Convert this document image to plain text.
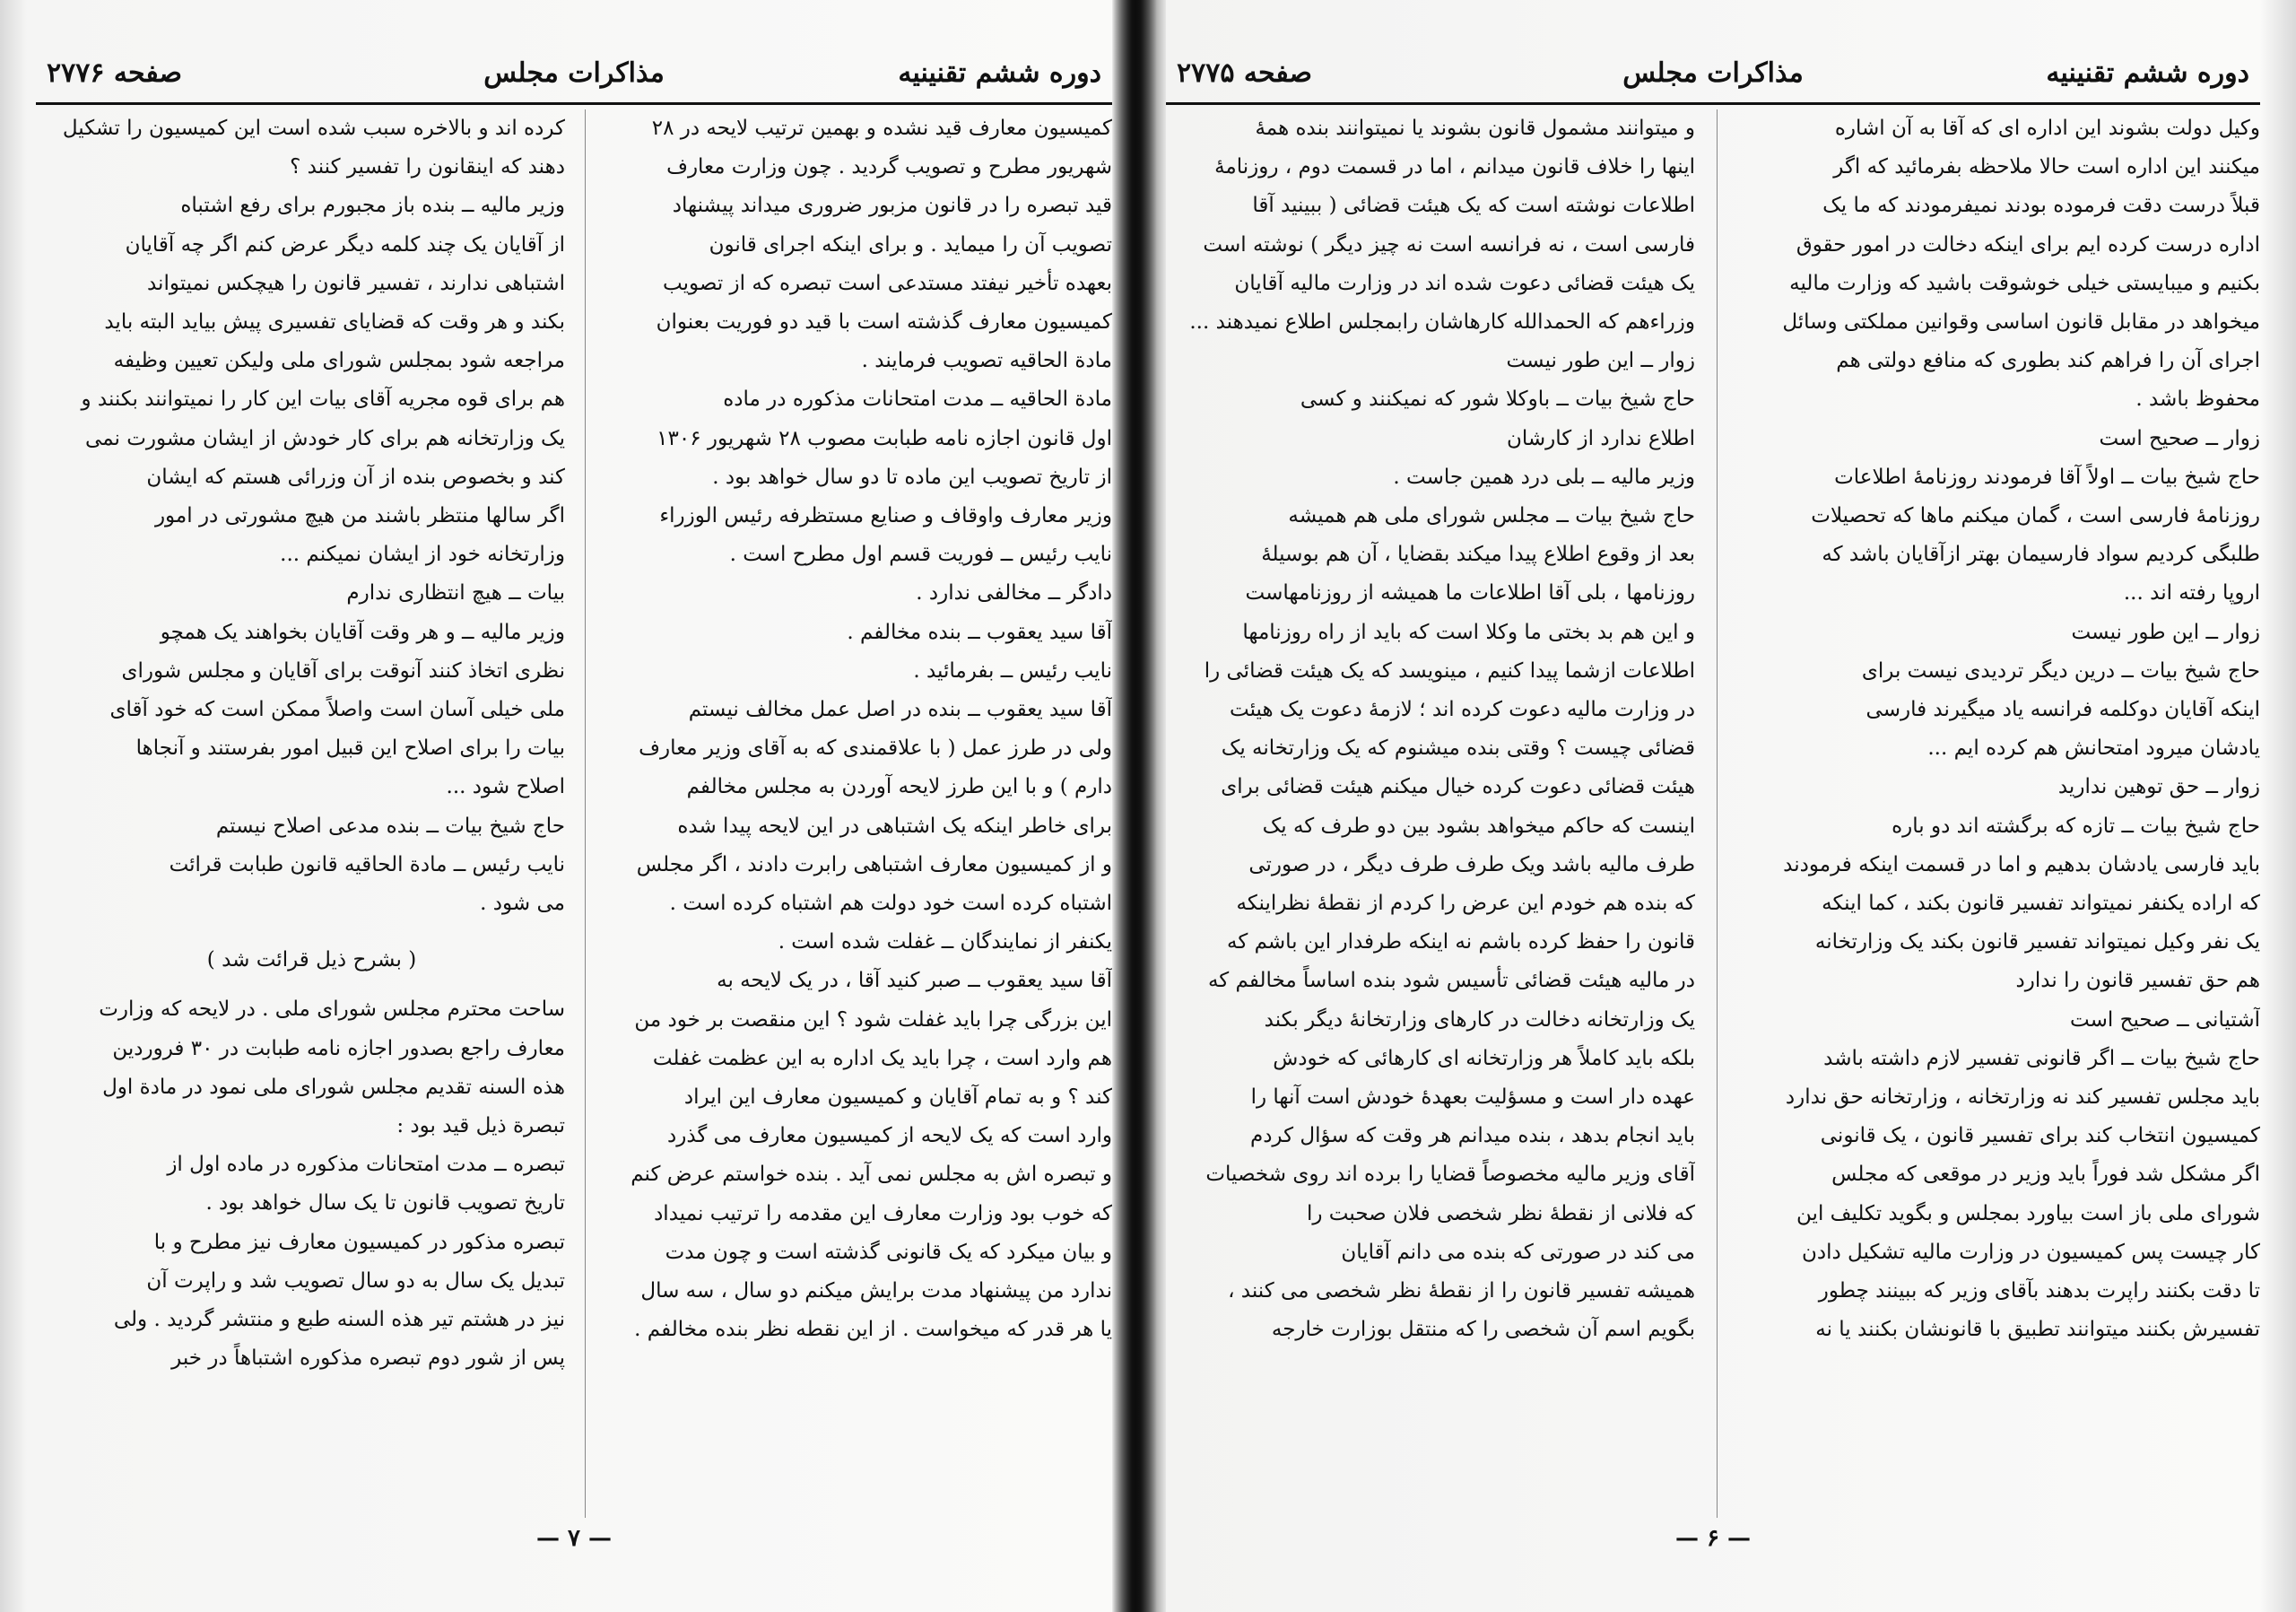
دوره ششم تقنینیه
مذاکرات مجلس
صفحه ۲۷۷۶

کمیسیون معارف قید نشده و بهمین ترتیب لایحه در ۲۸

شهریور مطرح و تصویب گردید . چون وزارت معارف

قید تبصره را در قانون مزبور ضروری میداند پیشنهاد

تصویب آن را میماید . و برای اینکه اجرای قانون

بعهده تأخیر نیفتد مستدعی است تبصره که از تصویب

کمیسیون معارف گذشته است با قید دو فوریت بعنوان

مادة الحاقیه تصویب فرمایند .

مادة الحاقیه ــ مدت امتحانات مذکوره در ماده

اول قانون اجازه نامه طبابت مصوب ۲۸ شهریور ۱۳۰۶

از تاریخ تصویب این ماده تا دو سال خواهد بود .

وزیر معارف واوقاف و صنایع مستظرفه رئیس الوزراء

نایب رئیس ــ فوریت قسم اول مطرح است .

دادگر ــ مخالفی ندارد .

آقا سید یعقوب ــ بنده مخالفم .

نایب رئیس ــ بفرمائید .

آقا سید یعقوب ــ بنده در اصل عمل مخالف نیستم

ولی در طرز عمل ( با علاقمندی که به آقای وزیر معارف

دارم ) و با این طرز لایحه آوردن به مجلس مخالفم

برای خاطر اینکه یک اشتباهی در این لایحه پیدا شده

و از کمیسیون معارف اشتباهی رابرت دادند ، اگر مجلس

اشتباه کرده است خود دولت هم اشتباه کرده است .

یکنفر از نمایندگان ــ غفلت شده است .

آقا سید یعقوب ــ صبر کنید آقا ، در یک لایحه به

این بزرگی چرا باید غفلت شود ؟ این منقصت بر خود من

هم وارد است ، چرا باید یک اداره به این عظمت غفلت

کند ؟ و به تمام آقایان و کمیسیون معارف این ایراد

وارد است که یک لایحه از کمیسیون معارف می گذرد

و تبصره اش به مجلس نمی آید . بنده خواستم عرض کنم

که خوب بود وزارت معارف این مقدمه را ترتیب نمیداد

و بیان میکرد که یک قانونی گذشته است و چون مدت

ندارد من پیشنهاد مدت برایش میکنم دو سال ، سه سال

یا هر قدر که میخواست . از این نقطه نظر بنده مخالفم .

کرده اند و بالاخره سبب شده است این کمیسیون را تشکیل

دهند که اینقانون را تفسیر کنند ؟

وزیر مالیه ــ بنده باز مجبورم برای رفع اشتباه

از آقایان یک چند کلمه دیگر عرض کنم اگر چه آقایان

اشتباهی ندارند ، تفسیر قانون را هیچکس نمیتواند

بکند و هر وقت که قضایای تفسیری پیش بیاید البته باید

مراجعه شود بمجلس شورای ملی ولیکن تعیین وظیفه

هم برای قوه مجریه آقای بیات این کار را نمیتوانند بکنند و

یک وزارتخانه هم برای کار خودش از ایشان مشورت نمی

کند و بخصوص بنده از آن وزرائی هستم که ایشان

اگر سالها منتظر باشند من هیچ مشورتی در امور

وزارتخانه خود از ایشان نمیکنم ...

بیات ــ هیچ انتظاری ندارم

وزیر مالیه ــ و هر وقت آقایان بخواهند یک همچو

نظری اتخاذ کنند آنوقت برای آقایان و مجلس شورای

ملی خیلی آسان است واصلاً ممکن است که خود آقای

بیات را برای اصلاح این قبیل امور بفرستند و آنجاها

اصلاح شود ...

حاج شیخ بیات ــ بنده مدعی اصلاح نیستم

نایب رئیس ــ مادة الحاقیه قانون طبابت قرائت

می شود .

( بشرح ذیل قرائت شد )

ساحت محترم مجلس شورای ملی . در لایحه که وزارت

معارف راجع بصدور اجازه نامه طبابت در ۳۰ فروردین

هذه السنه تقدیم مجلس شورای ملی نمود در مادة اول

تبصرة ذیل قید بود :

تبصره ــ مدت امتحانات مذکوره در ماده اول از

تاریخ تصویب قانون تا یک سال خواهد بود .

تبصره مذکور در کمیسیون معارف نیز مطرح و با

تبدیل یک سال به دو سال تصویب شد و راپرت آن

نیز در هشتم تیر هذه السنه طبع و منتشر گردید . ولی

پس از شور دوم تبصره مذکوره اشتباهاً در خبر

— ۷ —
دوره ششم تقنینیه
مذاکرات مجلس
صفحه ۲۷۷۵

وکیل دولت بشوند این اداره ای که آقا به آن اشاره

میکنند این اداره است حالا ملاحظه بفرمائید که اگر

قبلاً درست دقت فرموده بودند نمیفرمودند که ما یک

اداره درست کرده ایم برای اینکه دخالت در امور حقوق

بکنیم و میبایستی خیلی خوشوقت باشید که وزارت مالیه

میخواهد در مقابل قانون اساسی وقوانین مملکتی وسائل

اجرای آن را فراهم کند بطوری که منافع دولتی هم

محفوظ باشد .

زوار ــ صحیح است

حاج شیخ بیات ــ اولاً آقا فرمودند روزنامهٔ اطلاعات

روزنامهٔ فارسی است ، گمان میکنم ماها که تحصیلات

طلبگی کردیم سواد فارسیمان بهتر ازآقایان باشد که

اروپا رفته اند ...

زوار ــ این طور نیست

حاج شیخ بیات ــ درین دیگر تردیدی نیست برای

اینکه آقایان دوکلمه فرانسه یاد میگیرند فارسی

یادشان میرود امتحانش هم کرده ایم ...

زوار ــ حق توهین ندارید

حاج شیخ بیات ــ تازه که برگشته اند دو باره

باید فارسی یادشان بدهیم و اما در قسمت اینکه فرمودند

که اراده یکنفر نمیتواند تفسیر قانون بکند ، کما اینکه

یک نفر وکیل نمیتواند تفسیر قانون بکند یک وزارتخانه

هم حق تفسیر قانون را ندارد

آشتیانی ــ صحیح است

حاج شیخ بیات ــ اگر قانونی تفسیر لازم داشته باشد

باید مجلس تفسیر کند نه وزارتخانه ، وزارتخانه حق ندارد

کمیسیون انتخاب کند برای تفسیر قانون ، یک قانونی

اگر مشکل شد فوراً باید وزیر در موقعی که مجلس

شورای ملی باز است بیاورد بمجلس و بگوید تکلیف این

کار چیست پس کمیسیون در وزارت مالیه تشکیل دادن

تا دقت بکنند راپرت بدهند بآقای وزیر که ببینند چطور

تفسیرش بکنند میتوانند تطبیق با قانونشان بکنند یا نه

و میتوانند مشمول قانون بشوند یا نمیتوانند بنده همهٔ

اینها را خلاف قانون میدانم ، اما در قسمت دوم ، روزنامهٔ

اطلاعات نوشته است که یک هیئت قضائی ( ببینید آقا

فارسی است ، نه فرانسه است نه چیز دیگر ) نوشته است

یک هیئت قضائی دعوت شده اند در وزارت مالیه آقایان

وزراءهم که الحمدالله کارهاشان رابمجلس اطلاع نمیدهند ...

زوار ــ این طور نیست

حاج شیخ بیات ــ باوکلا شور که نمیکنند و کسی

اطلاع ندارد از کارشان

وزیر مالیه ــ بلی درد همین جاست .

حاج شیخ بیات ــ مجلس شورای ملی هم همیشه

بعد از وقوع اطلاع پیدا میکند بقضایا ، آن هم بوسیلهٔ

روزنامها ، بلی آقا اطلاعات ما همیشه از روزنامهاست

و این هم بد بختی ما وکلا است که باید از راه روزنامها

اطلاعات ازشما پیدا کنیم ، مینویسد که یک هیئت قضائی را

در وزارت مالیه دعوت کرده اند ؛ لازمهٔ دعوت یک هیئت

قضائی چیست ؟ وقتی بنده میشنوم که یک وزارتخانه یک

هیئت قضائی دعوت کرده خیال میکنم هیئت قضائی برای

اینست که حاکم میخواهد بشود بین دو طرف که یک

طرف مالیه باشد ویک طرف طرف دیگر ، در صورتی

که بنده هم خودم این عرض را کردم از نقطهٔ نظراینکه

قانون را حفظ کرده باشم نه اینکه طرفدار این باشم که

در مالیه هیئت قضائی تأسیس شود بنده اساساً مخالفم که

یک وزارتخانه دخالت در کارهای وزارتخانهٔ دیگر بکند

بلکه باید کاملاً هر وزارتخانه ای کارهائی که خودش

عهده دار است و مسؤلیت بعهدهٔ خودش است آنها را

باید انجام بدهد ، بنده میدانم هر وقت که سؤال کردم

آقای وزیر مالیه مخصوصاً قضایا را برده اند روی شخصیات

که فلانی از نقطهٔ نظر شخصی فلان صحبت را

می کند در صورتی که بنده می دانم آقایان

همیشه تفسیر قانون را از نقطهٔ نظر شخصی می کنند ،

بگویم اسم آن شخصی را که منتقل بوزارت خارجه

— ۶ —
